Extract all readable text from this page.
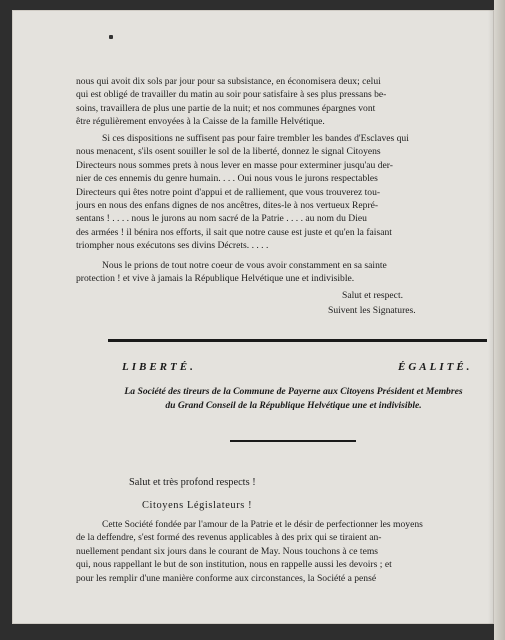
nous qui avoit dix sols par jour pour sa subsistance, en économisera deux; celui
qui est obligé de travailler du matin au soir pour satisfaire à ses plus pressans be-
soins, travaillera de plus une partie de la nuit; et nos communes épargnes vont
être régulièrement envoyées à la Caisse de la famille Helvétique.
Si ces dispositions ne suffisent pas pour faire trembler les bandes d'Esclaves qui
nous menacent, s'ils osent souiller le sol de la liberté, donnez le signal Citoyens
Directeurs nous sommes prets à nous lever en masse pour exterminer jusqu'au der-
nier de ces ennemis du genre humain. . . . Oui nous vous le jurons respectables
Directeurs qui êtes notre point d'appui et de ralliement, que vous trouverez tou-
jours en nous des enfans dignes de nos ancêtres, dites-le à nos vertueux Repré-
sentans ! . . . . nous le jurons au nom sacré de la Patrie . . . . au nom du Dieu
des armées ! il bénira nos efforts, il sait que notre cause est juste et qu'en la faisant
triompher nous exécutons ses divins Décrets. . . . .
Nous le prions de tout notre coeur de vous avoir constamment en sa sainte
protection ! et vive à jamais la République Helvétique une et indivisible.
Salut et respect.
Suivent les Signatures.
LIBERTÉ.	ÉGALITÉ.
La Société des tireurs de la Commune de Payerne aux Citoyens Président et Membres
du Grand Conseil de la République Helvétique une et indivisible.
Salut et très profond respects !
Citoyens Législateurs !
Cette Société fondée par l'amour de la Patrie et le désir de perfectionner les moyens
de la deffendre, s'est formé des revenus applicables à des prix qui se tiraient an-
nuellement pendant six jours dans le courant de May. Nous touchons à ce tems
qui, nous rappellant le but de son institution, nous en rappelle aussi les devoirs ; et
pour les remplir d'une manière conforme aux circonstances, la Société a pensé
